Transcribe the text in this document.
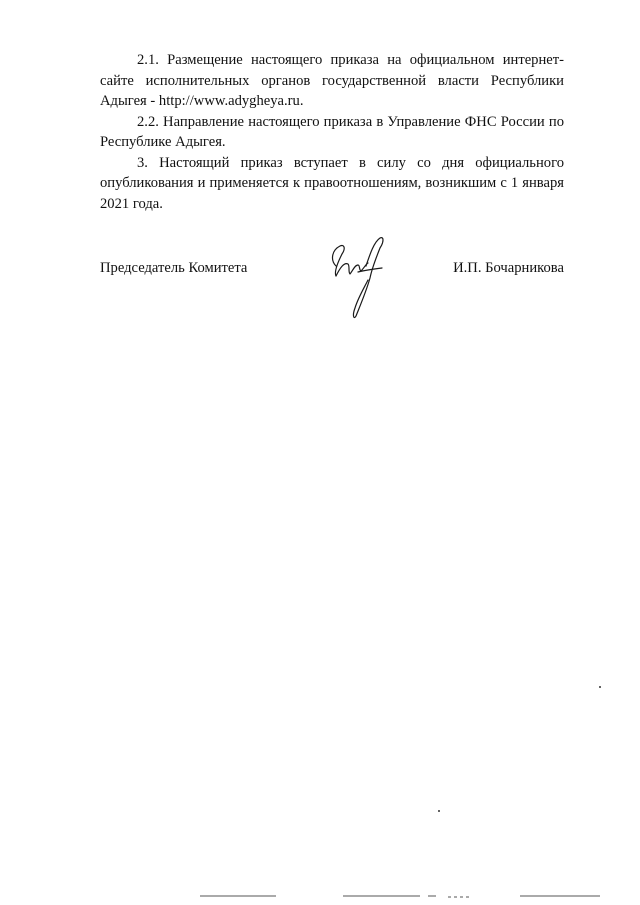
2.1. Размещение настоящего приказа на официальном интернет-сайте исполнительных органов государственной власти Республики Адыгея - http://www.adygheya.ru.

2.2. Направление настоящего приказа в Управление ФНС России по Республике Адыгея.

3. Настоящий приказ вступает в силу со дня официального опубликования и применяется к правоотношениям, возникшим с 1 января 2021 года.

Председатель Комитета	И.П. Бочарникова
